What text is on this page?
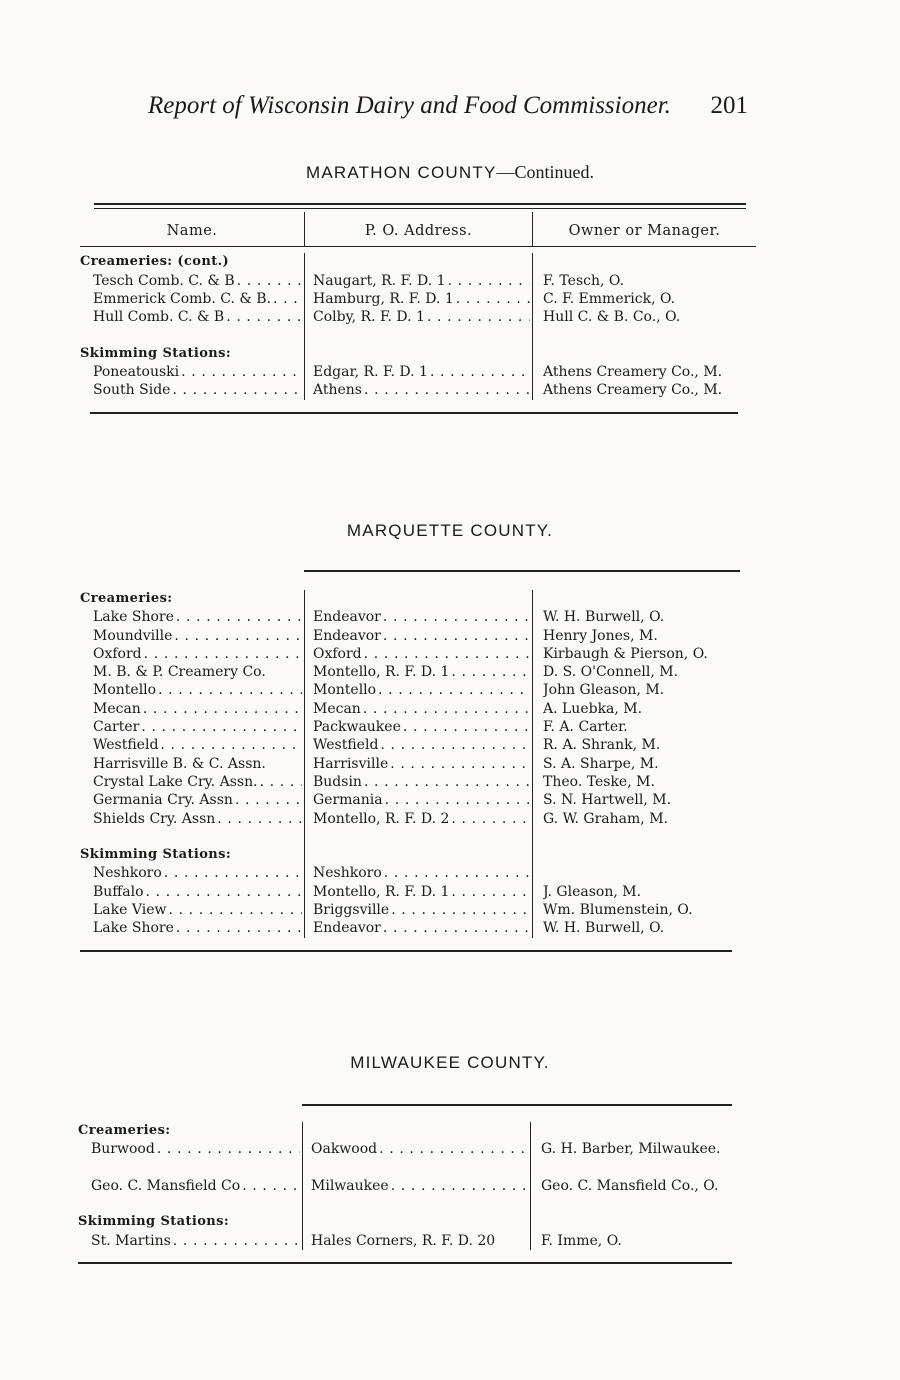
Report of Wisconsin Dairy and Food Commissioner. 201
MARATHON COUNTY—Continued.
Name.	P. O. Address.	Owner or Manager.
Creameries: (cont.)
Tesch Comb. C. & B
. . .
Emmerick Comb. C. & B.
. . .
Hull Comb. C. & B
. . .
Skimming Stations:
Poneatouski
. . .
South Side
. . .
Naugart, R. F. D. 1
. . .
Hamburg, R. F. D. 1
. . .
Colby, R. F. D. 1
. . .
Edgar, R. F. D. 1
. . .
Athens
. . .
F. Tesch, O.
C. F. Emmerick, O.
Hull C. & B. Co., O.
Athens Creamery Co., M.
Athens Creamery Co., M.
MARQUETTE COUNTY.
Creameries:
Lake Shore
. . .
Moundville
. . .
Oxford
. . .
M. B. & P. Creamery Co.
Montello
. . .
Mecan
. . .
Carter
. . .
Westfield
. . .
Harrisville B. & C. Assn.
Crystal Lake Cry. Assn.
. . .
Germania Cry. Assn
. . .
Shields Cry. Assn
. . .
Skimming Stations:
Neshkoro
. . .
Buffalo
. . .
Lake View
. . .
Lake Shore
. . .
Endeavor
. . .
Endeavor
. . .
Oxford
. . .
Montello, R. F. D. 1
. . .
Montello
. . .
Mecan
. . .
Packwaukee
. . .
Westfield
. . .
Harrisville
. . .
Budsin
. . .
Germania
. . .
Montello, R. F. D. 2
. . .
Neshkoro
. . .
Montello, R. F. D. 1
. . .
Briggsville
. . .
Endeavor
. . .
W. H. Burwell, O.
Henry Jones, M.
Kirbaugh & Pierson, O.
D. S. O'Connell, M.
John Gleason, M.
A. Luebka, M.
F. A. Carter.
R. A. Shrank, M.
S. A. Sharpe, M.
Theo. Teske, M.
S. N. Hartwell, M.
G. W. Graham, M.
J. Gleason, M.
Wm. Blumenstein, O.
W. H. Burwell, O.
MILWAUKEE COUNTY.
Creameries:
Burwood
. . .
Geo. C. Mansfield Co
. . .
Skimming Stations:
St. Martins
. . .
Oakwood
. . .
Milwaukee
. . .
Hales Corners, R. F. D. 20
G. H. Barber, Milwaukee.
Geo. C. Mansfield Co., O.
F. Imme, O.
